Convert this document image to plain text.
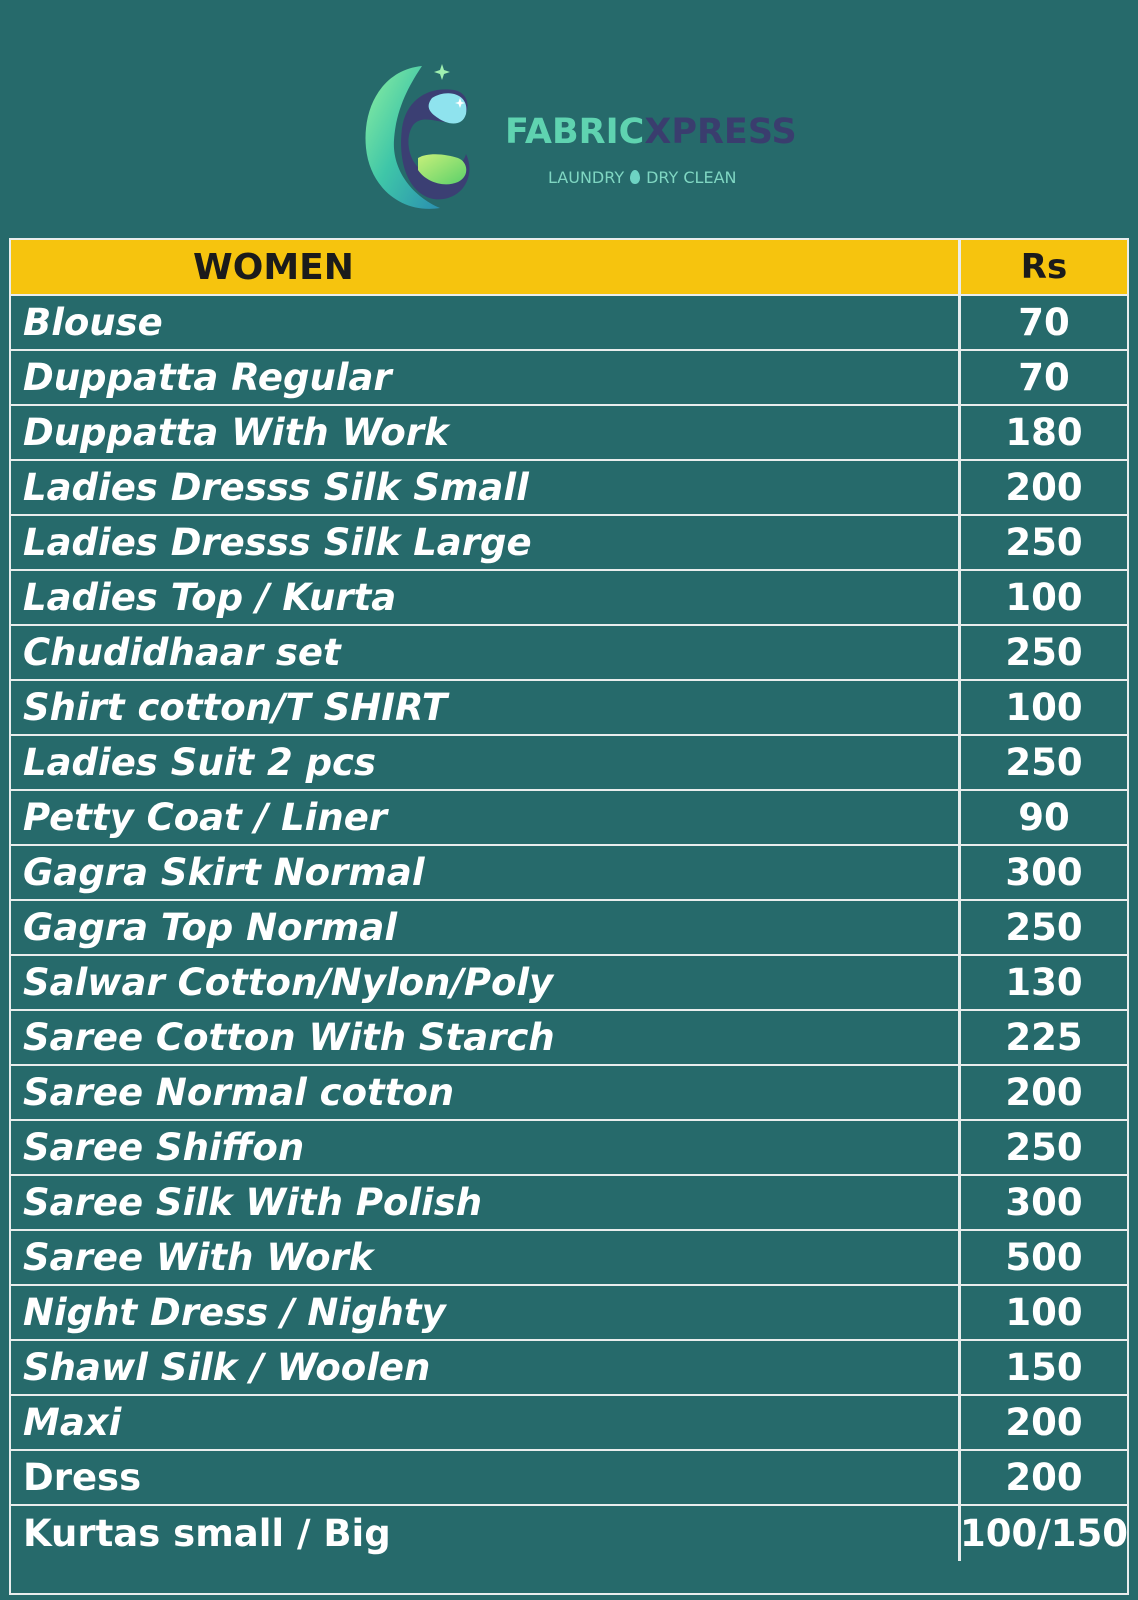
FABRICXPRESS
LAUNDRY DRY CLEAN
WOMEN	Rs
Blouse	70
Duppatta Regular	70
Duppatta With Work	180
Ladies Dresss Silk Small	200
Ladies Dresss Silk Large	250
Ladies Top / Kurta	100
Chudidhaar set	250
Shirt cotton/T SHIRT	100
Ladies Suit 2 pcs	250
Petty Coat / Liner	90
Gagra Skirt Normal	300
Gagra Top Normal	250
Salwar Cotton/Nylon/Poly	130
Saree Cotton With Starch	225
Saree Normal cotton	200
Saree Shiffon	250
Saree Silk With Polish	300
Saree With Work	500
Night Dress / Nighty	100
Shawl Silk / Woolen	150
Maxi	200
Dress	200
Kurtas small / Big	100/150
